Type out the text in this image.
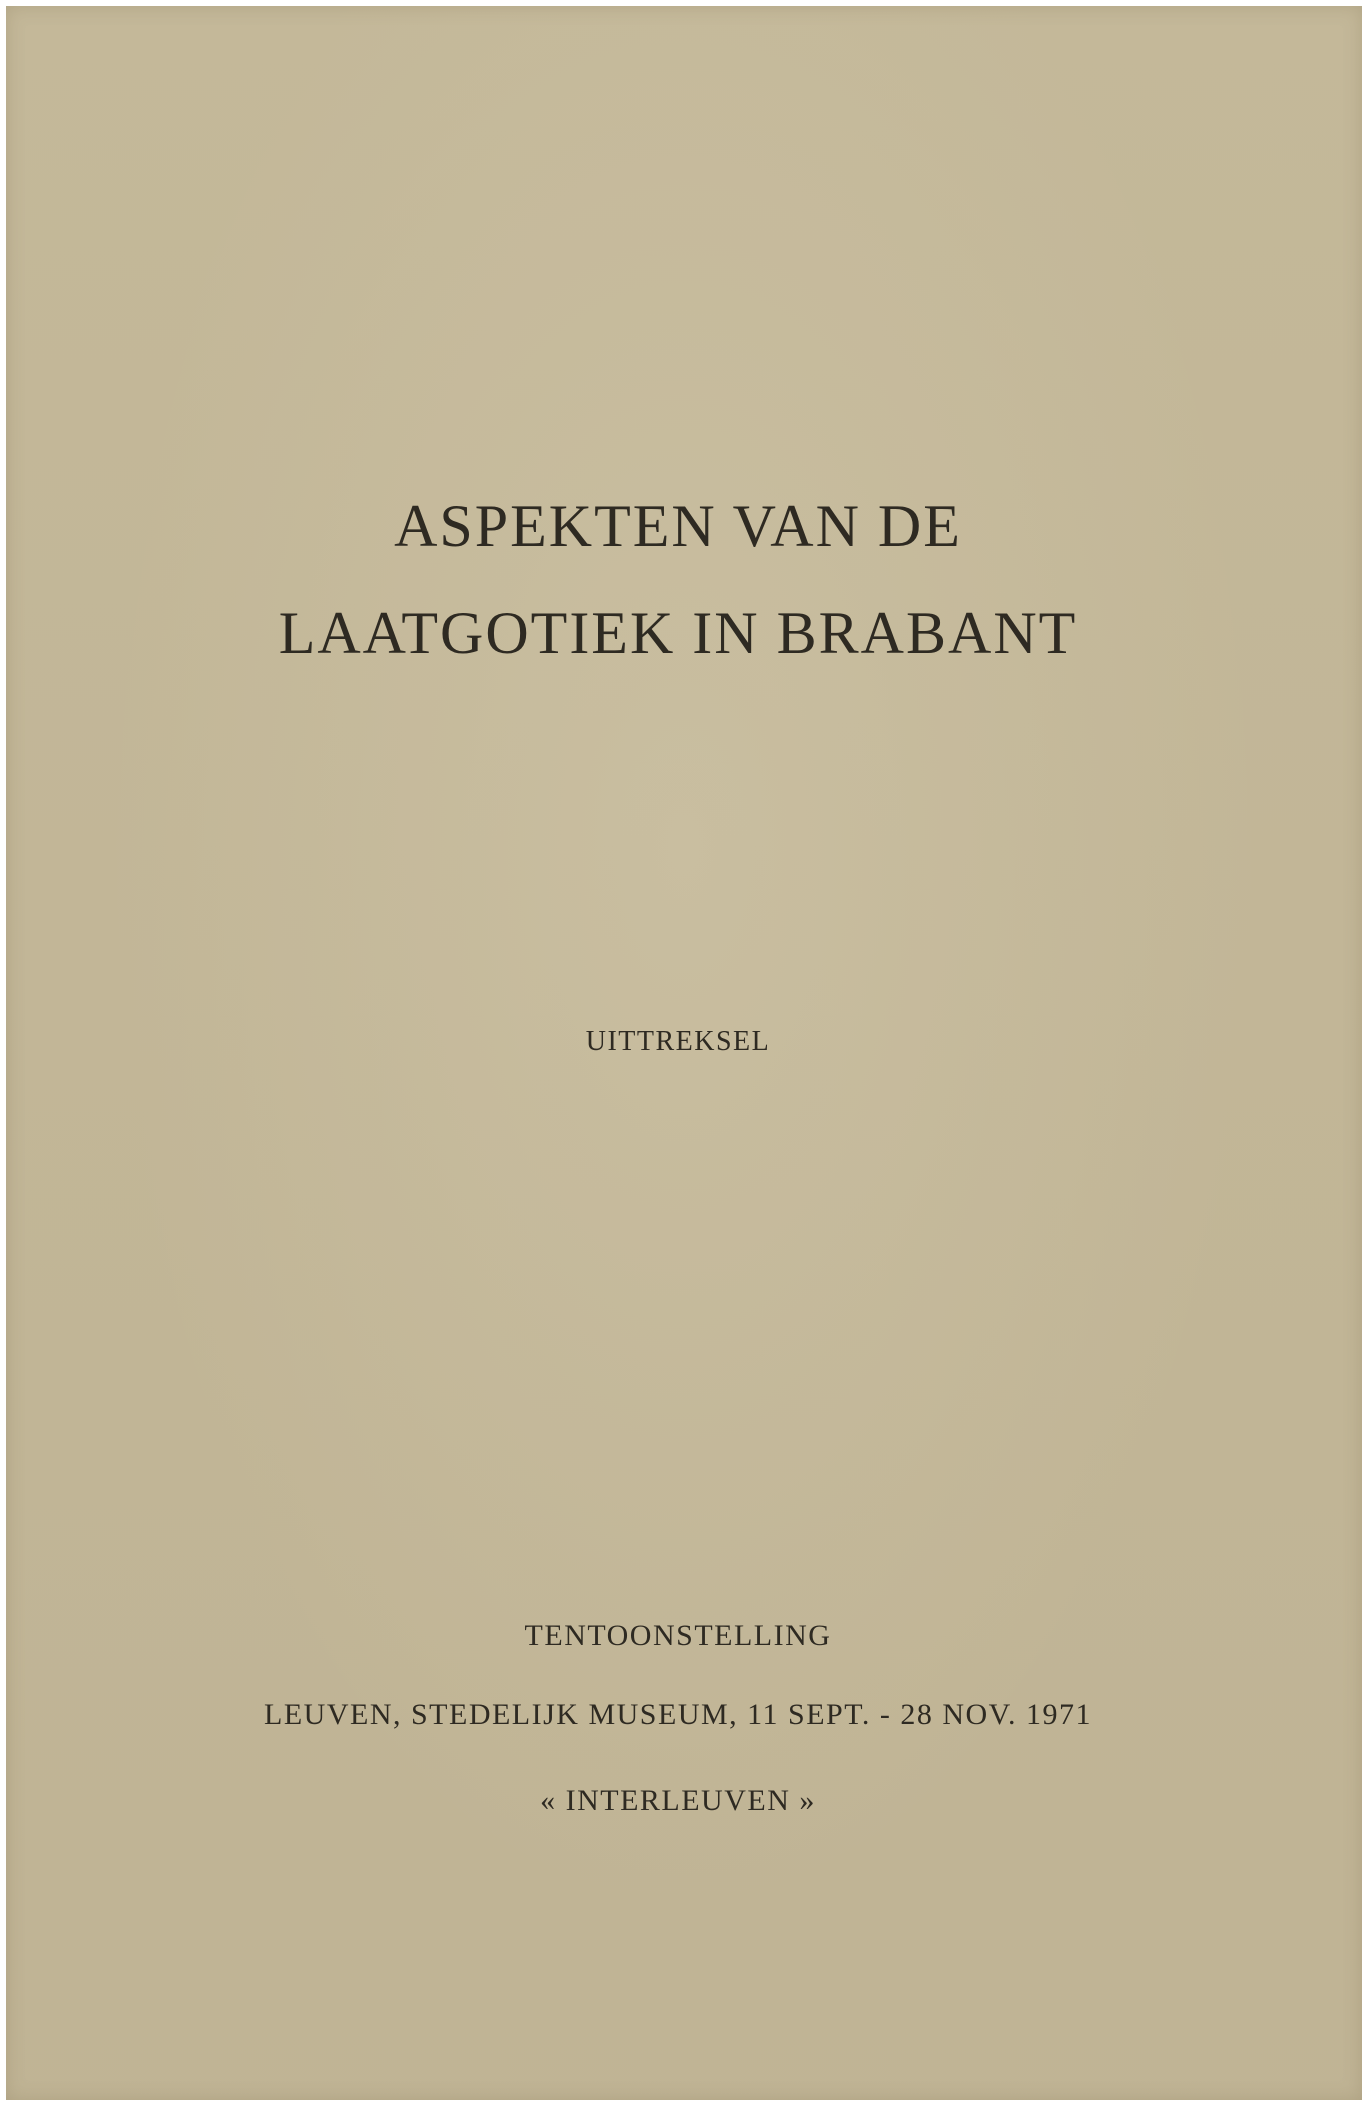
ASPEKTEN VAN DE
LAATGOTIEK IN BRABANT
UITTREKSEL
TENTOONSTELLING
LEUVEN, STEDELIJK MUSEUM, 11 SEPT. - 28 NOV. 1971
« INTERLEUVEN »
